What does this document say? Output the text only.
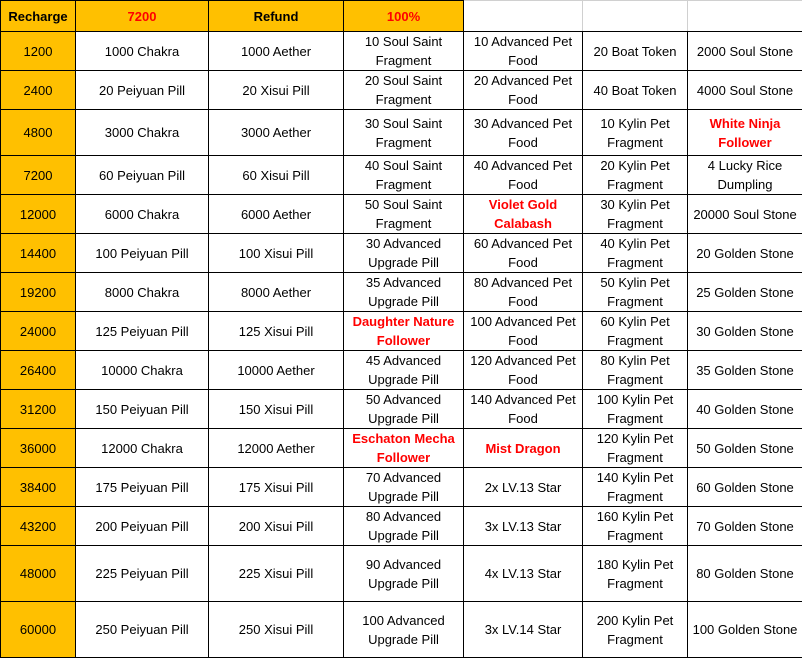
Recharge	7200	Refund	100%			
1200	1000 Chakra	1000 Aether	10 Soul Saint Fragment	10 Advanced Pet Food	20 Boat Token	2000 Soul Stone
2400	20 Peiyuan Pill	20 Xisui Pill	20 Soul Saint Fragment	20 Advanced Pet Food	40 Boat Token	4000 Soul Stone
4800	3000 Chakra	3000 Aether	30 Soul Saint Fragment	30 Advanced Pet Food	10 Kylin Pet Fragment	White Ninja Follower
7200	60 Peiyuan Pill	60 Xisui Pill	40 Soul Saint Fragment	40 Advanced Pet Food	20 Kylin Pet Fragment	4 Lucky Rice Dumpling
12000	6000 Chakra	6000 Aether	50 Soul Saint Fragment	Violet Gold Calabash	30 Kylin Pet Fragment	20000 Soul Stone
14400	100 Peiyuan Pill	100 Xisui Pill	30 Advanced Upgrade Pill	60 Advanced Pet Food	40 Kylin Pet Fragment	20 Golden Stone
19200	8000 Chakra	8000 Aether	35 Advanced Upgrade Pill	80 Advanced Pet Food	50 Kylin Pet Fragment	25 Golden Stone
24000	125 Peiyuan Pill	125 Xisui Pill	Daughter Nature Follower	100 Advanced Pet Food	60 Kylin Pet Fragment	30 Golden Stone
26400	10000 Chakra	10000 Aether	45 Advanced Upgrade Pill	120 Advanced Pet Food	80 Kylin Pet Fragment	35 Golden Stone
31200	150 Peiyuan Pill	150 Xisui Pill	50 Advanced Upgrade Pill	140 Advanced Pet Food	100 Kylin Pet Fragment	40 Golden Stone
36000	12000 Chakra	12000 Aether	Eschaton Mecha Follower	Mist Dragon	120 Kylin Pet Fragment	50 Golden Stone
38400	175 Peiyuan Pill	175 Xisui Pill	70 Advanced Upgrade Pill	2x LV.13 Star	140 Kylin Pet Fragment	60 Golden Stone
43200	200 Peiyuan Pill	200 Xisui Pill	80 Advanced Upgrade Pill	3x LV.13 Star	160 Kylin Pet Fragment	70 Golden Stone
48000	225 Peiyuan Pill	225 Xisui Pill	90 Advanced Upgrade Pill	4x LV.13 Star	180 Kylin Pet Fragment	80 Golden Stone
60000	250 Peiyuan Pill	250 Xisui Pill	100 Advanced Upgrade Pill	3x LV.14 Star	200 Kylin Pet Fragment	100 Golden Stone
